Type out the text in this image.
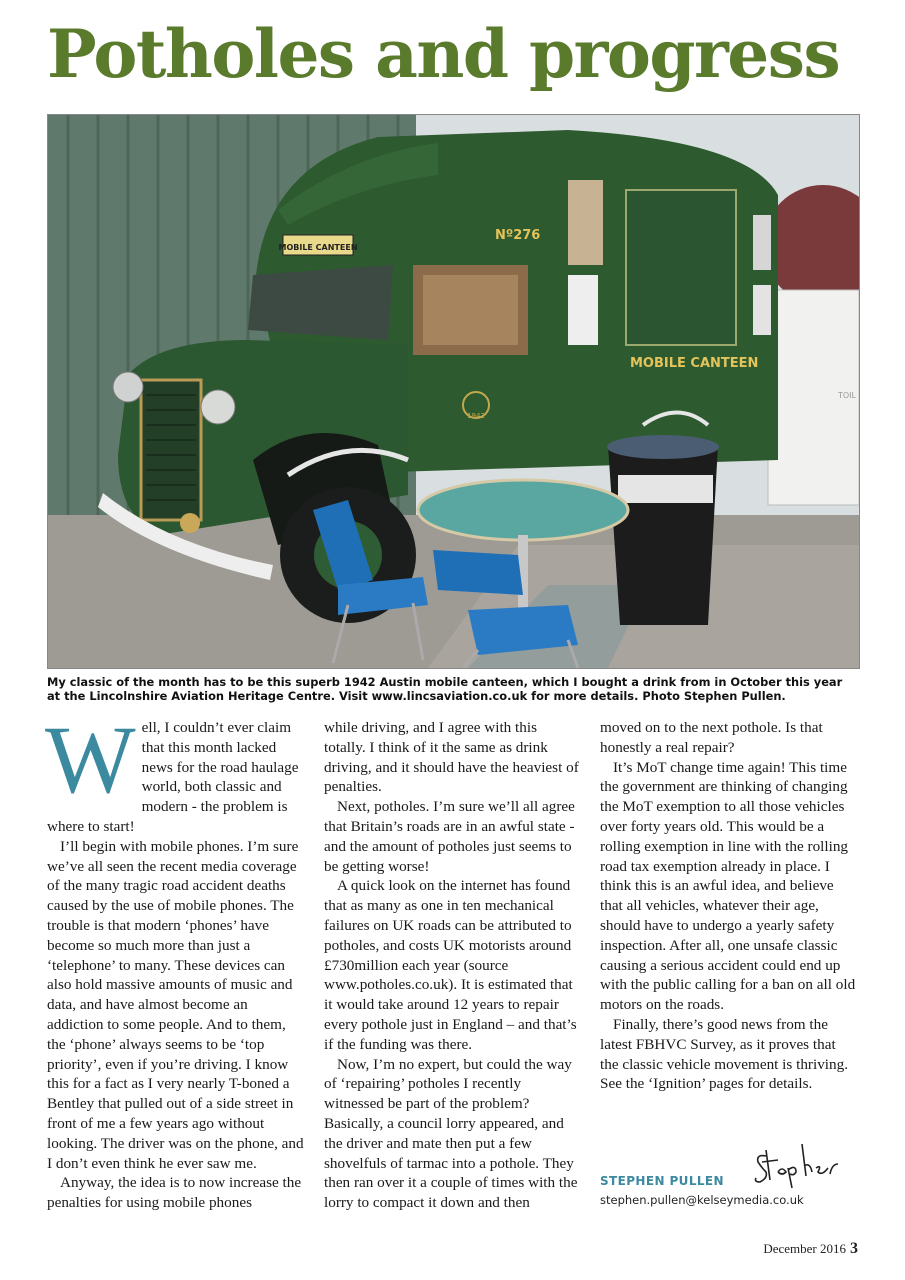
Potholes and progress
TOIL
MOBILE CANTEEN
Nº276
MOBILE CANTEEN
1942

My classic of the month has to be this superb 1942 Austin mobile canteen, which I bought a drink from in October this year at the Lincolnshire Aviation Heritage Centre. Visit www.lincsaviation.co.uk for more details. Photo Stephen Pullen.

Well, I couldn’t ever claim that this month lacked news for the road haulage world, both classic and modern - the problem is where to start!

I’ll begin with mobile phones. I’m sure we’ve all seen the recent media coverage of the many tragic road accident deaths caused by the use of mobile phones. The trouble is that modern ‘phones’ have become so much more than just a ‘telephone’ to many. These devices can also hold massive amounts of music and data, and have almost become an addiction to some people. And to them, the ‘phone’ always seems to be ‘top priority’, even if you’re driving. I know this for a fact as I very nearly T-boned a Bentley that pulled out of a side street in front of me a few years ago without looking. The driver was on the phone, and I don’t even think he ever saw me.

Anyway, the idea is to now increase the penalties for using mobile phones

while driving, and I agree with this totally. I think of it the same as drink driving, and it should have the heaviest of penalties.

Next, potholes. I’m sure we’ll all agree that Britain’s roads are in an awful state - and the amount of potholes just seems to be getting worse!

A quick look on the internet has found that as many as one in ten mechanical failures on UK roads can be attributed to potholes, and costs UK motorists around £730million each year (source www.potholes.co.uk). It is estimated that it would take around 12 years to repair every pothole just in England – and that’s if the funding was there.

Now, I’m no expert, but could the way of ‘repairing’ potholes I recently witnessed be part of the problem? Basically, a council lorry appeared, and the driver and mate then put a few shovelfuls of tarmac into a pothole. They then ran over it a couple of times with the lorry to compact it down and then

moved on to the next pothole. Is that honestly a real repair?

It’s MoT change time again! This time the government are thinking of changing the MoT exemption to all those vehicles over forty years old. This would be a rolling exemption in line with the rolling road tax exemption already in place. I think this is an awful idea, and believe that all vehicles, whatever their age, should have to undergo a yearly safety inspection. After all, one unsafe classic causing a serious accident could end up with the public calling for a ban on all old motors on the roads.

Finally, there’s good news from the latest FBHVC Survey, as it proves that the classic vehicle movement is thriving. See the ‘Ignition’ pages for details.

STEPHEN PULLEN

stephen.pullen@kelseymedia.co.uk

December 2016 3
